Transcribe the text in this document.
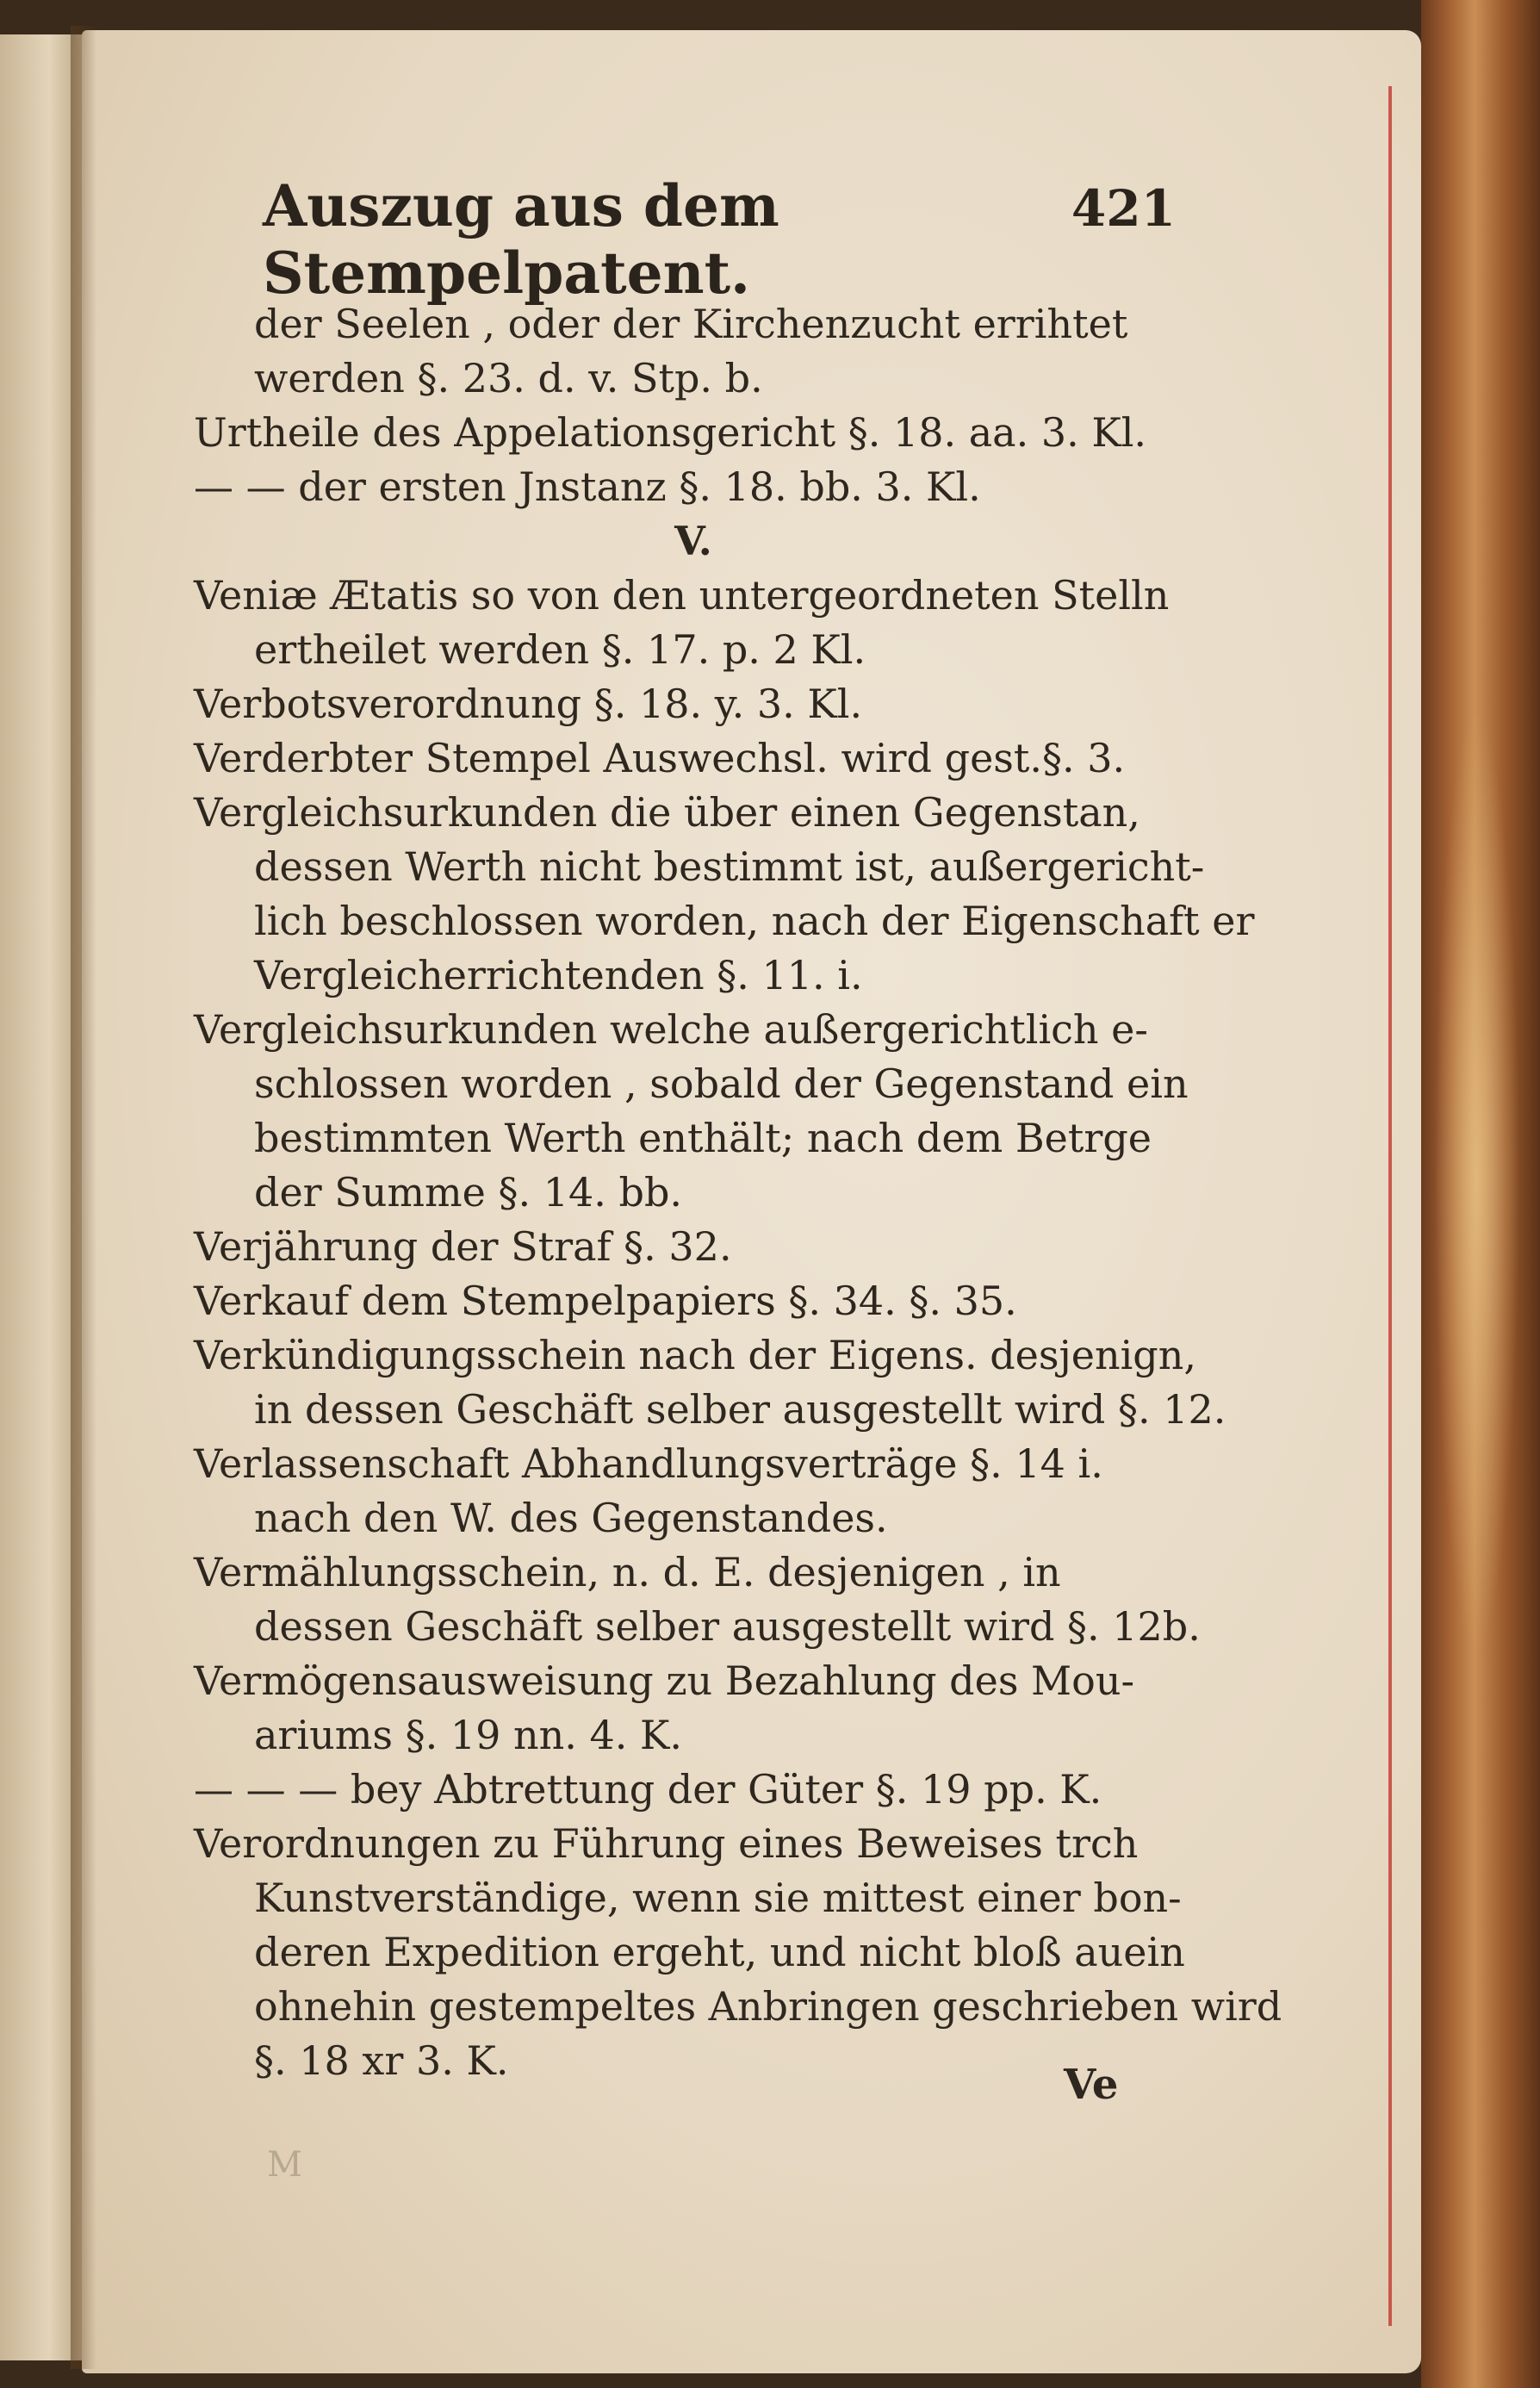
Auszug aus dem Stempelpatent.
421
der Seelen , oder der Kirchenzucht errihtet
werden §. 23. d. v. Stp. b.
Urtheile des Appelationsgericht §. 18. aa. 3. Kl.
— — der ersten Jnstanz §. 18. bb. 3. Kl.
V.
Veniæ Ætatis so von den untergeordneten Stelln
ertheilet werden §. 17. p. 2 Kl.
Verbotsverordnung §. 18. y. 3. Kl.
Verderbter Stempel Auswechsl. wird gest.§. 3.
Vergleichsurkunden die über einen Gegenstan,
dessen Werth nicht bestimmt ist, außergericht-
lich beschlossen worden, nach der Eigenschaft er
Vergleicherrichtenden §. 11. i.
Vergleichsurkunden welche außergerichtlich e-
schlossen worden , sobald der Gegenstand ein
bestimmten Werth enthält; nach dem Betrge
der Summe §. 14. bb.
Verjährung der Straf §. 32.
Verkauf dem Stempelpapiers §. 34. §. 35.
Verkündigungsschein nach der Eigens. desjenign,
in dessen Geschäft selber ausgestellt wird §. 12.
Verlassenschaft Abhandlungsverträge §. 14 i.
nach den W. des Gegenstandes.
Vermählungsschein, n. d. E. desjenigen , in
dessen Geschäft selber ausgestellt wird §. 12b.
Vermögensausweisung zu Bezahlung des Mou-
ariums §. 19 nn. 4. K.
— — — bey Abtrettung der Güter §. 19 pp. K.
Verordnungen zu Führung eines Beweises trch
Kunstverständige, wenn sie mittest einer bon-
deren Expedition ergeht, und nicht bloß auein
ohnehin gestempeltes Anbringen geschrieben wird
§. 18 xr 3. K.	Ve
M
